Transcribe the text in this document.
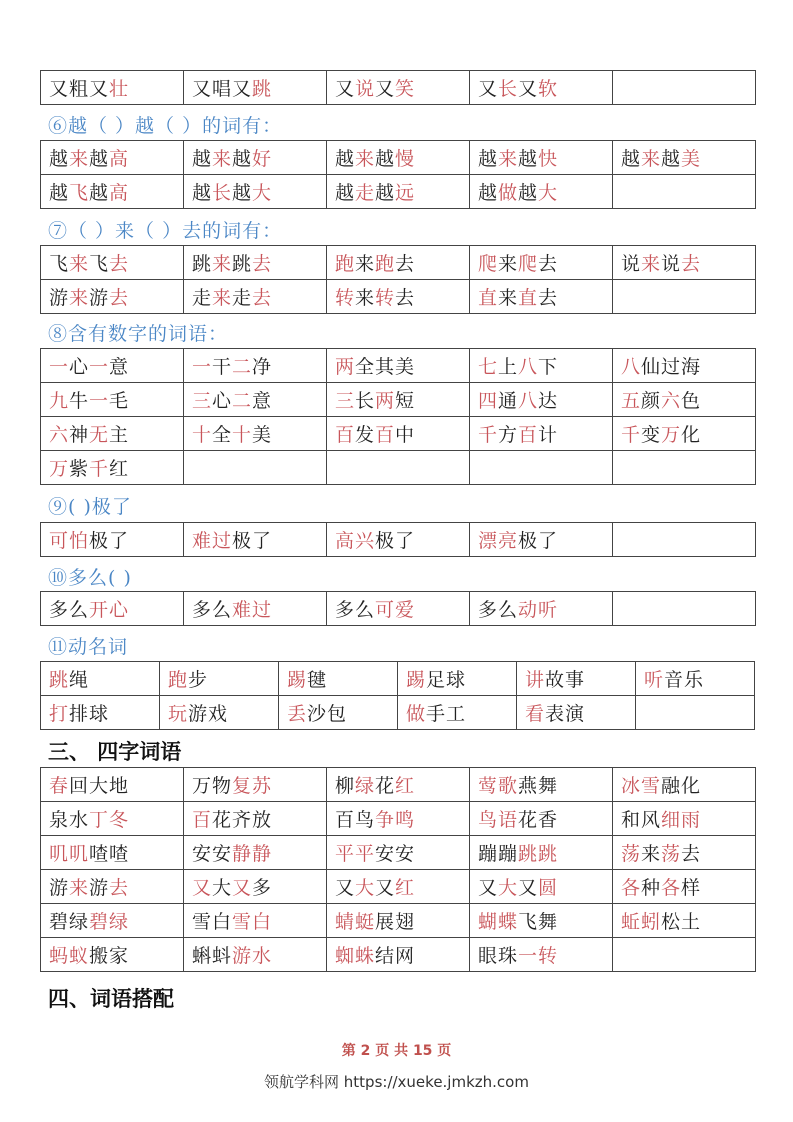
又粗又壮	又唱又跳	又说又笑	又长又软	
⑥越（ ）越（ ）的词有：
越来越高	越来越好	越来越慢	越来越快	越来越美
越飞越高	越长越大	越走越远	越做越大	
⑦（ ）来（ ）去的词有：
飞来飞去	跳来跳去	跑来跑去	爬来爬去	说来说去
游来游去	走来走去	转来转去	直来直去	
⑧含有数字的词语：
一心一意	一干二净	两全其美	七上八下	八仙过海
九牛一毛	三心二意	三长两短	四通八达	五颜六色
六神无主	十全十美	百发百中	千方百计	千变万化
万紫千红				
⑨( )极了
可怕极了	难过极了	高兴极了	漂亮极了	
⑩多么( )
多么开心	多么难过	多么可爱	多么动听	
⑪动名词
跳绳	跑步	踢毽	踢足球	讲故事	听音乐
打排球	玩游戏	丢沙包	做手工	看表演	
三、 四字词语
春回大地	万物复苏	柳绿花红	莺歌燕舞	冰雪融化
泉水丁冬	百花齐放	百鸟争鸣	鸟语花香	和风细雨
叽叽喳喳	安安静静	平平安安	蹦蹦跳跳	荡来荡去
游来游去	又大又多	又大又红	又大又圆	各种各样
碧绿碧绿	雪白雪白	蜻蜓展翅	蝴蝶飞舞	蚯蚓松土
蚂蚁搬家	蝌蚪游水	蜘蛛结网	眼珠一转	
四、词语搭配
第 2 页 共 15 页
领航学科网 https://xueke.jmkzh.com
